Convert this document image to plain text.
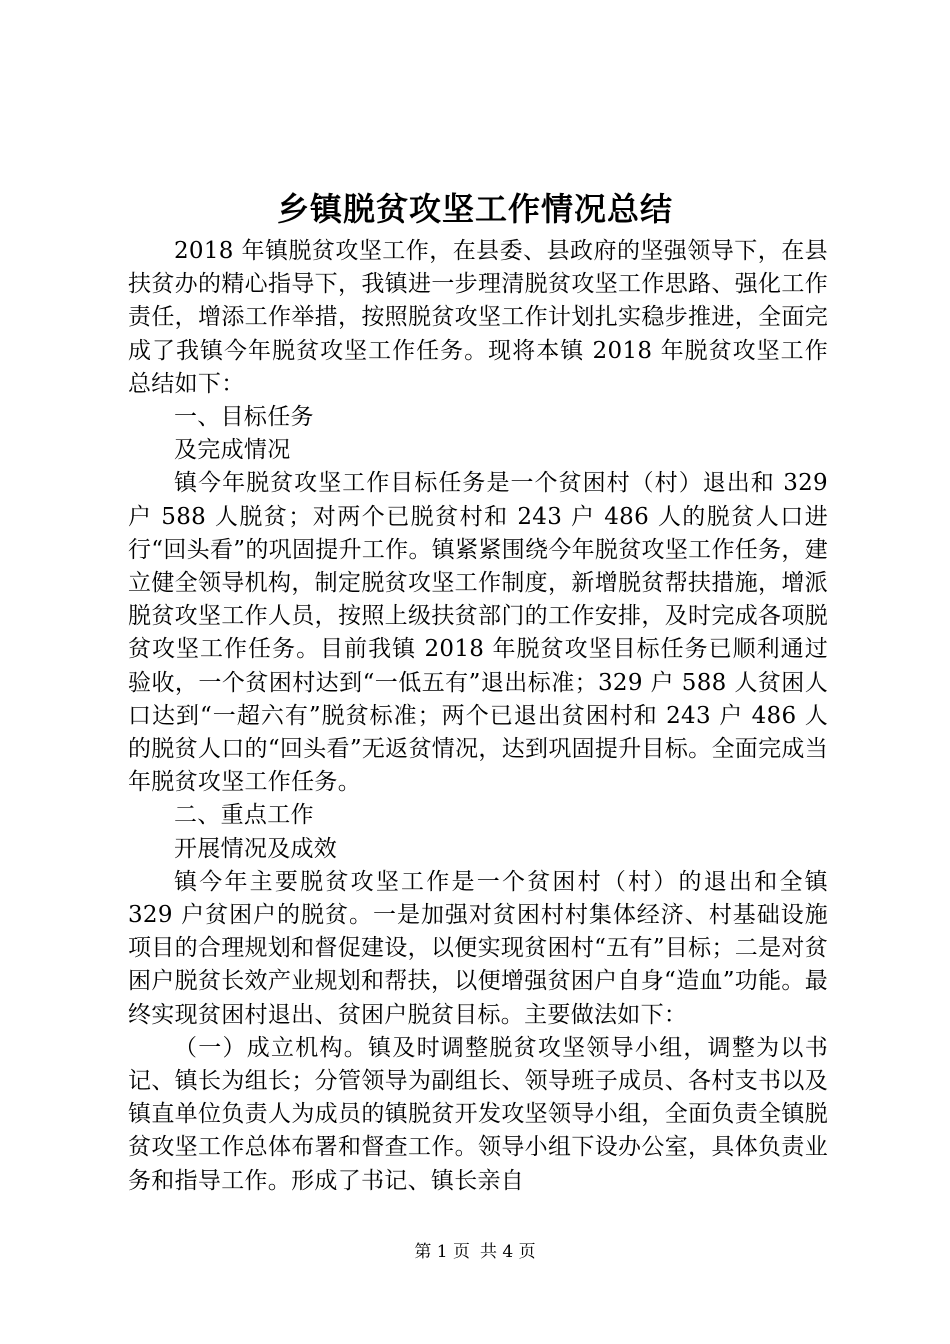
乡镇脱贫攻坚工作情况总结

2018 年镇脱贫攻坚工作，在县委、县政府的坚强领导下，在县扶贫办的精心指导下，我镇进一步理清脱贫攻坚工作思路、强化工作责任，增添工作举措，按照脱贫攻坚工作计划扎实稳步推进，全面完成了我镇今年脱贫攻坚工作任务。现将本镇 2018 年脱贫攻坚工作总结如下：

一、目标任务

及完成情况

镇今年脱贫攻坚工作目标任务是一个贫困村（村）退出和 329 户 588 人脱贫；对两个已脱贫村和 243 户 486 人的脱贫人口进行“回头看”的巩固提升工作。镇紧紧围绕今年脱贫攻坚工作任务，建立健全领导机构，制定脱贫攻坚工作制度，新增脱贫帮扶措施，增派脱贫攻坚工作人员，按照上级扶贫部门的工作安排，及时完成各项脱贫攻坚工作任务。目前我镇 2018 年脱贫攻坚目标任务已顺利通过验收，一个贫困村达到“一低五有”退出标准；329 户 588 人贫困人口达到“一超六有”脱贫标准；两个已退出贫困村和 243 户 486 人的脱贫人口的“回头看”无返贫情况，达到巩固提升目标。全面完成当年脱贫攻坚工作任务。

二、重点工作

开展情况及成效

镇今年主要脱贫攻坚工作是一个贫困村（村）的退出和全镇 329 户贫困户的脱贫。一是加强对贫困村村集体经济、村基础设施项目的合理规划和督促建设，以便实现贫困村“五有”目标；二是对贫困户脱贫长效产业规划和帮扶，以便增强贫困户自身“造血”功能。最终实现贫困村退出、贫困户脱贫目标。主要做法如下：

（一）成立机构。镇及时调整脱贫攻坚领导小组，调整为以书记、镇长为组长；分管领导为副组长、领导班子成员、各村支书以及镇直单位负责人为成员的镇脱贫开发攻坚领导小组，全面负责全镇脱贫攻坚工作总体布署和督查工作。领导小组下设办公室，具体负责业务和指导工作。形成了书记、镇长亲自

第 1 页 共 4 页
